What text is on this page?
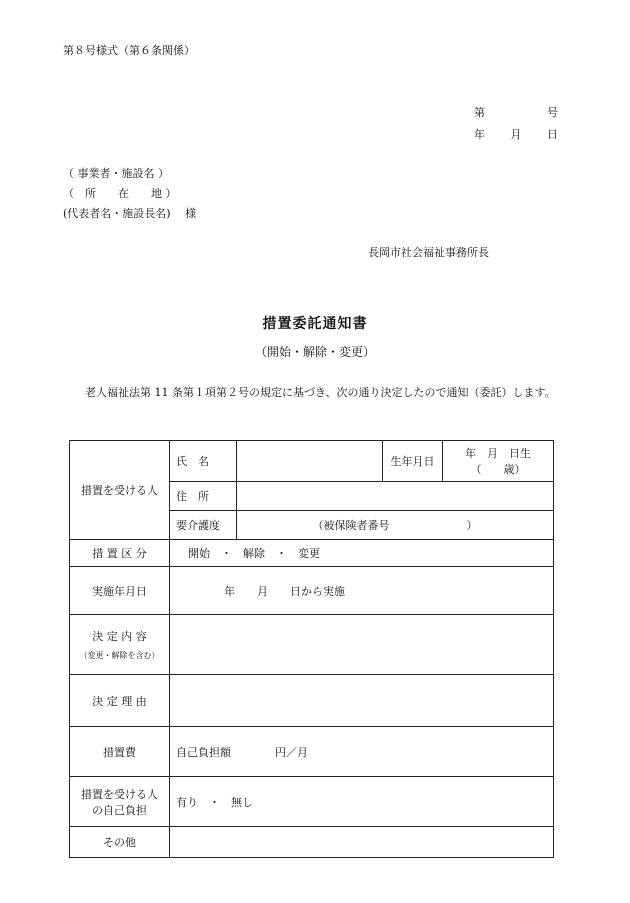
第８号様式（第６条関係）
第	号
年 月 日
（ 事業者・施設名 ）
（　所　　在　　地 ）
(代表者名・施設長名)　 様
長岡市社会福祉事務所長
措置委託通知書
（開始・解除・変更）
老人福祉法第 11 条第１項第２号の規定に基づき、次の通り決定したので通知（委託）します。
措置を受ける人	氏　名		生年月日	年　月　日生
（　　歳）

	住　所			
	要介護度	（被保険者番号　　　　　　　）		
措 置 区 分	開始　・　解除　・　変更			
実施年月日	年　　月　　日から実施			

決 定 内 容
（変更・解除を含む）				

決 定 理 由				
措置費	自己負担額　　　　円／月			

措置を受ける人
の自己負担	有り　・　無し			
その他				
